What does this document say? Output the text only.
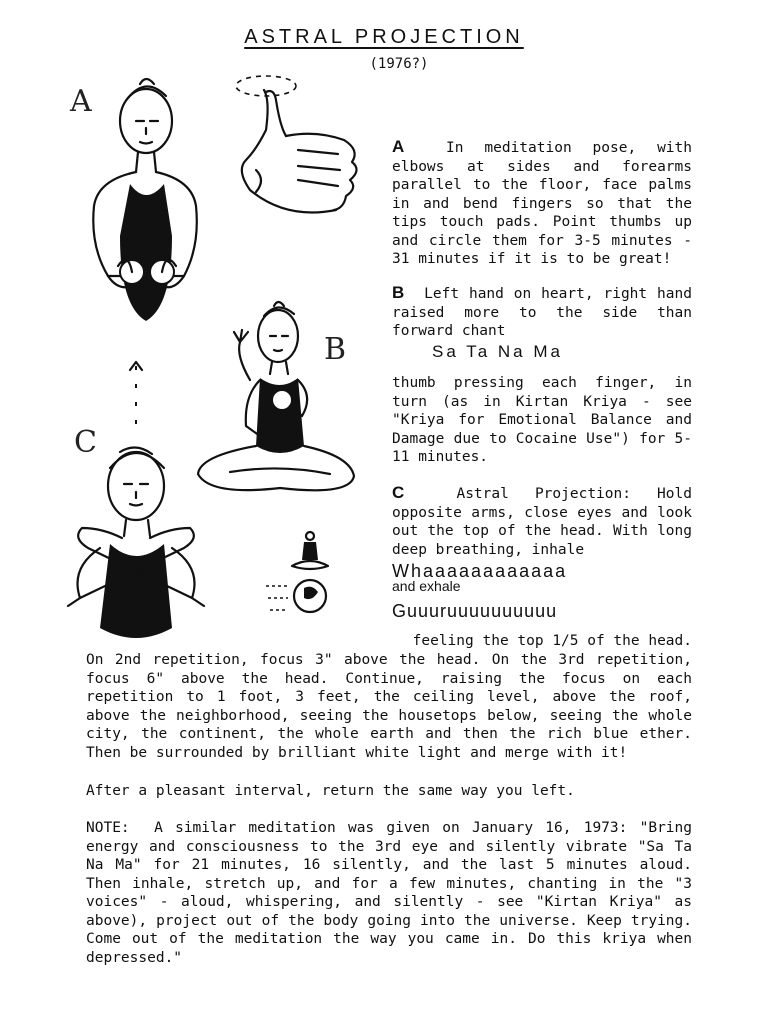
ASTRAL PROJECTION
(1976?)
A
B
C

A	In meditation pose, with elbows at sides and forearms parallel to the floor, face palms in and bend fingers so that the tips touch pads. Point thumbs up and circle them for 3-5 minutes - 31 minutes if it is to be great!

B Left hand on heart, right hand raised more to the side than forward chant

Sa Ta Na Ma

thumb pressing each finger, in turn (as in Kirtan Kriya - see "Kriya for Emotional Balance and Damage due to Cocaine Use") for 5-11 minutes.

C	Astral Projection: Hold opposite arms, close eyes and look out the top of the head. With long deep breathing, inhale

Whaaaaaaaaaaaa
and exhale
Guuuruuuuuuuuuu

feeling the top 1/5 of the head.

On 2nd repetition, focus 3" above the head. On the 3rd repetition, focus 6" above the head. Continue, raising the focus on each repetition to 1 foot, 3 feet, the ceiling level, above the roof, above the neighborhood, seeing the housetops below, seeing the whole city, the continent, the whole earth and then the rich blue ether. Then be surrounded by brilliant white light and merge with it!

After a pleasant interval, return the same way you left.

NOTE: A similar meditation was given on January 16, 1973: "Bring energy and consciousness to the 3rd eye and silently vibrate "Sa Ta Na Ma" for 21 minutes, 16 silently, and the last 5 minutes aloud. Then inhale, stretch up, and for a few minutes, chanting in the "3 voices" - aloud, whispering, and silently - see "Kirtan Kriya" as above), project out of the body going into the universe. Keep trying. Come out of the meditation the way you came in. Do this kriya when depressed."
